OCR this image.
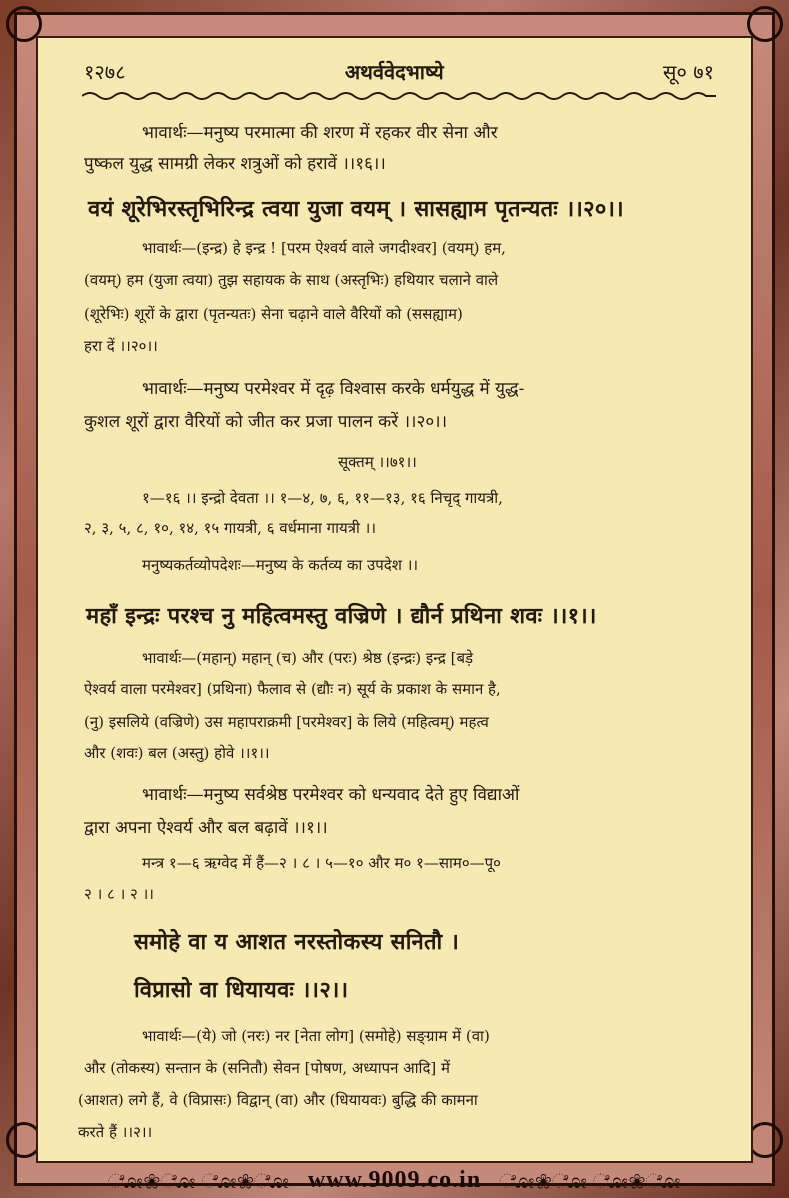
१२७८	अथर्ववेदभाष्ये	सू० ७१
भावार्थः—मनुष्य परमात्मा की शरण में रहकर वीर सेना और
पुष्कल युद्ध सामग्री लेकर शत्रुओं को हरावें ।।१६।।
वयं शूरेभिरस्तृभिरिन्द्र त्वया युजा वयम् । सासह्याम पृतन्यतः ।।२०।।
भावार्थः—(इन्द्र) हे इन्द्र ! [परम ऐश्वर्य वाले जगदीश्वर] (वयम्) हम,
(वयम्) हम (युजा त्वया) तुझ सहायक के साथ (अस्तृभिः) हथियार चलाने वाले
(शूरेभिः) शूरों के द्वारा (पृतन्यतः) सेना चढ़ाने वाले वैरियों को (ससह्याम)
हरा दें ।।२०।।
भावार्थः—मनुष्य परमेश्वर में दृढ़ विश्वास करके धर्मयुद्ध में युद्ध-
कुशल शूरों द्वारा वैरियों को जीत कर प्रजा पालन करें ।।२०।।
सूक्तम् ।।७१।।
१—१६ ।। इन्द्रो देवता ।। १—४, ७, ६, ११—१३, १६ निचृद् गायत्री,
२, ३, ५, ८, १०, १४, १५ गायत्री, ६ वर्धमाना गायत्री ।।
मनुष्यकर्तव्योपदेशः—मनुष्य के कर्तव्य का उपदेश ।।
महाँ इन्द्रः परश्च नु महित्वमस्तु वज्रिणे । द्यौर्न प्रथिना शवः ।।१।।
भावार्थः—(महान्) महान् (च) और (परः) श्रेष्ठ (इन्द्रः) इन्द्र [बड़े
ऐश्वर्य वाला परमेश्वर] (प्रथिना) फैलाव से (द्यौः न) सूर्य के प्रकाश के समान है,
(नु) इसलिये (वज्रिणे) उस महापराक्रमी [परमेश्वर] के लिये (महित्वम्) महत्व
और (शवः) बल (अस्तु) होवे ।।१।।
भावार्थः—मनुष्य सर्वश्रेष्ठ परमेश्वर को धन्यवाद देते हुए विद्याओं
द्वारा अपना ऐश्वर्य और बल बढ़ावें ।।१।।
मन्त्र १—६ ऋग्वेद में हैं—२ । ८ । ५—१० और म० १—साम०—पू०
२ । ८ । २ ।।
समोहे वा य आशत नरस्तोकस्य सनितौ ।
विप्रासो वा धियायवः ।।२।।
भावार्थः—(ये) जो (नरः) नर [नेता लोग] (समोहे) सङ्ग्राम में (वा)
और (तोकस्य) सन्तान के (सनितौ) सेवन [पोषण, अध्यापन आदि] में
(आशत) लगे हैं, वे (विप्रासः) विद्वान् (वा) और (धियायवः) बुद्धि की कामना
करते हैं ।।२।।
ೋ❀ೋ ೋ❀ೋ www.9009.co.in ೋ❀ೋ ೋ❀ೋ
